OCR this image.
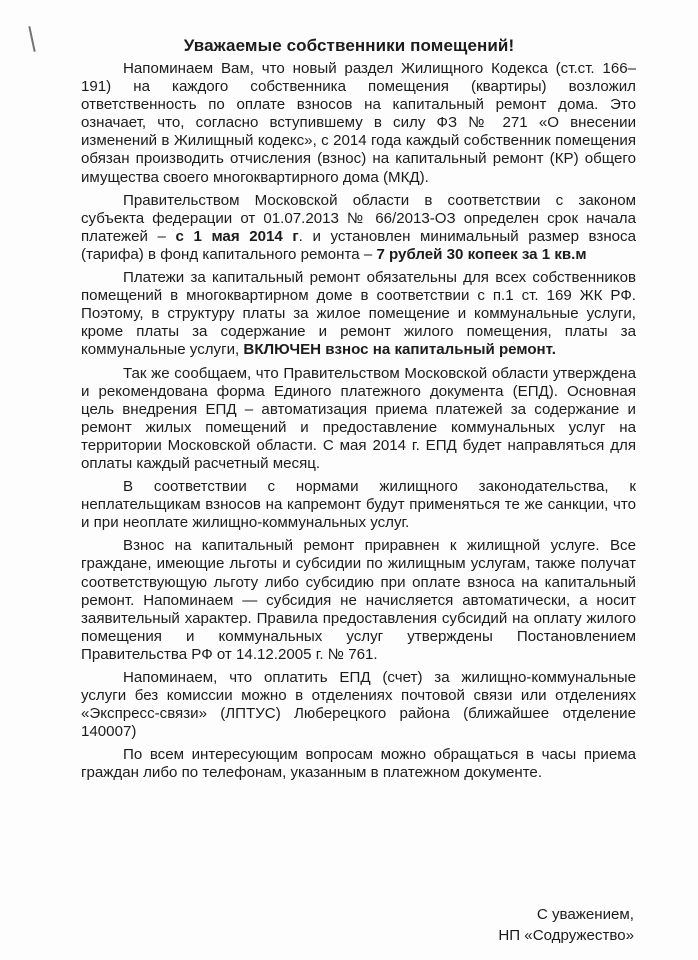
Уважаемые собственники помещений!

Напоминаем Вам, что новый раздел Жилищного Кодекса (ст.ст. 166–191) на каждого собственника помещения (квартиры) возложил ответственность по оплате взносов на капитальный ремонт дома. Это означает, что, согласно вступившему в силу ФЗ № 271 «О внесении изменений в Жилищный кодекс», с 2014 года каждый собственник помещения обязан производить отчисления (взнос) на капитальный ремонт (КР) общего имущества своего многоквартирного дома (МКД).

Правительством Московской области в соответствии с законом субъекта федерации от 01.07.2013 № 66/2013-ОЗ определен срок начала платежей – с 1 мая 2014 г. и установлен минимальный размер взноса (тарифа) в фонд капитального ремонта – 7 рублей 30 копеек за 1 кв.м

Платежи за капитальный ремонт обязательны для всех собственников помещений в многоквартирном доме в соответствии с п.1 ст. 169 ЖК РФ. Поэтому, в структуру платы за жилое помещение и коммунальные услуги, кроме платы за содержание и ремонт жилого помещения, платы за коммунальные услуги, ВКЛЮЧЕН взнос на капитальный ремонт.

Так же сообщаем, что Правительством Московской области утверждена и рекомендована форма Единого платежного документа (ЕПД). Основная цель внедрения ЕПД – автоматизация приема платежей за содержание и ремонт жилых помещений и предоставление коммунальных услуг на территории Московской области. С мая 2014 г. ЕПД будет направляться для оплаты каждый расчетный месяц.

В соответствии с нормами жилищного законодательства, к неплательщикам взносов на капремонт будут применяться те же санкции, что и при неоплате жилищно-коммунальных услуг.

Взнос на капитальный ремонт приравнен к жилищной услуге. Все граждане, имеющие льготы и субсидии по жилищным услугам, также получат соответствующую льготу либо субсидию при оплате взноса на капитальный ремонт. Напоминаем — субсидия не начисляется автоматически, а носит заявительный характер. Правила предоставления субсидий на оплату жилого помещения и коммунальных услуг утверждены Постановлением Правительства РФ от 14.12.2005 г. № 761.

Напоминаем, что оплатить ЕПД (счет) за жилищно-коммунальные услуги без комиссии можно в отделениях почтовой связи или отделениях «Экспресс-связи» (ЛПТУС) Люберецкого района (ближайшее отделение 140007)

По всем интересующим вопросам можно обращаться в часы приема граждан либо по телефонам, указанным в платежном документе.

С уважением,
НП «Содружество»
